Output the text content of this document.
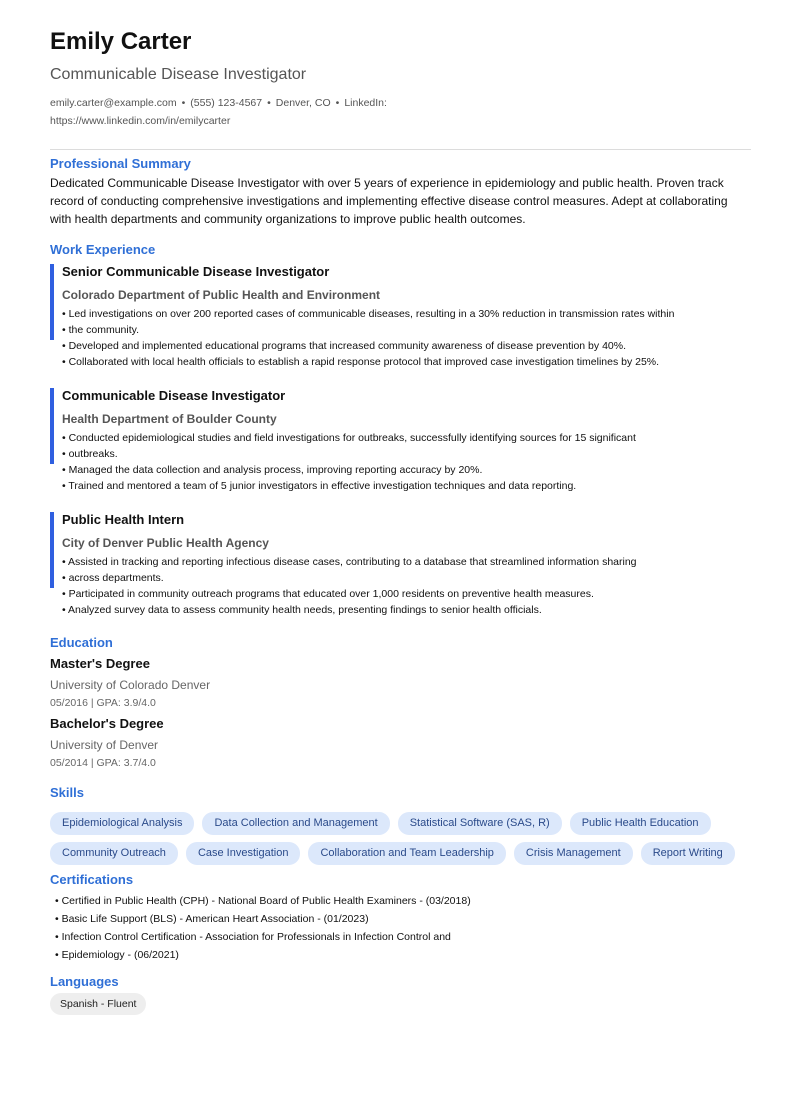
Emily Carter
Communicable Disease Investigator
emily.carter@example.com • (555) 123-4567 • Denver, CO • LinkedIn: https://www.linkedin.com/in/emilycarter
Professional Summary
Dedicated Communicable Disease Investigator with over 5 years of experience in epidemiology and public health. Proven track record of conducting comprehensive investigations and implementing effective disease control measures. Adept at collaborating with health departments and community organizations to improve public health outcomes.
Work Experience
Senior Communicable Disease Investigator
Colorado Department of Public Health and Environment
• Led investigations on over 200 reported cases of communicable diseases, resulting in a 30% reduction in transmission rates within
• the community.
• Developed and implemented educational programs that increased community awareness of disease prevention by 40%.
• Collaborated with local health officials to establish a rapid response protocol that improved case investigation timelines by 25%.
Communicable Disease Investigator
Health Department of Boulder County
• Conducted epidemiological studies and field investigations for outbreaks, successfully identifying sources for 15 significant
• outbreaks.
• Managed the data collection and analysis process, improving reporting accuracy by 20%.
• Trained and mentored a team of 5 junior investigators in effective investigation techniques and data reporting.
Public Health Intern
City of Denver Public Health Agency
• Assisted in tracking and reporting infectious disease cases, contributing to a database that streamlined information sharing
• across departments.
• Participated in community outreach programs that educated over 1,000 residents on preventive health measures.
• Analyzed survey data to assess community health needs, presenting findings to senior health officials.
Education
Master's Degree
University of Colorado Denver
05/2016 | GPA: 3.9/4.0
Bachelor's Degree
University of Denver
05/2014 | GPA: 3.7/4.0
Skills
Epidemiological Analysis	Data Collection and Management	Statistical Software (SAS, R)	Public Health Education
Community Outreach	Case Investigation	Collaboration and Team Leadership	Crisis Management	Report Writing
Certifications
• Certified in Public Health (CPH) - National Board of Public Health Examiners - (03/2018)
• Basic Life Support (BLS) - American Heart Association - (01/2023)
• Infection Control Certification - Association for Professionals in Infection Control and
• Epidemiology - (06/2021)
Languages
Spanish - Fluent
